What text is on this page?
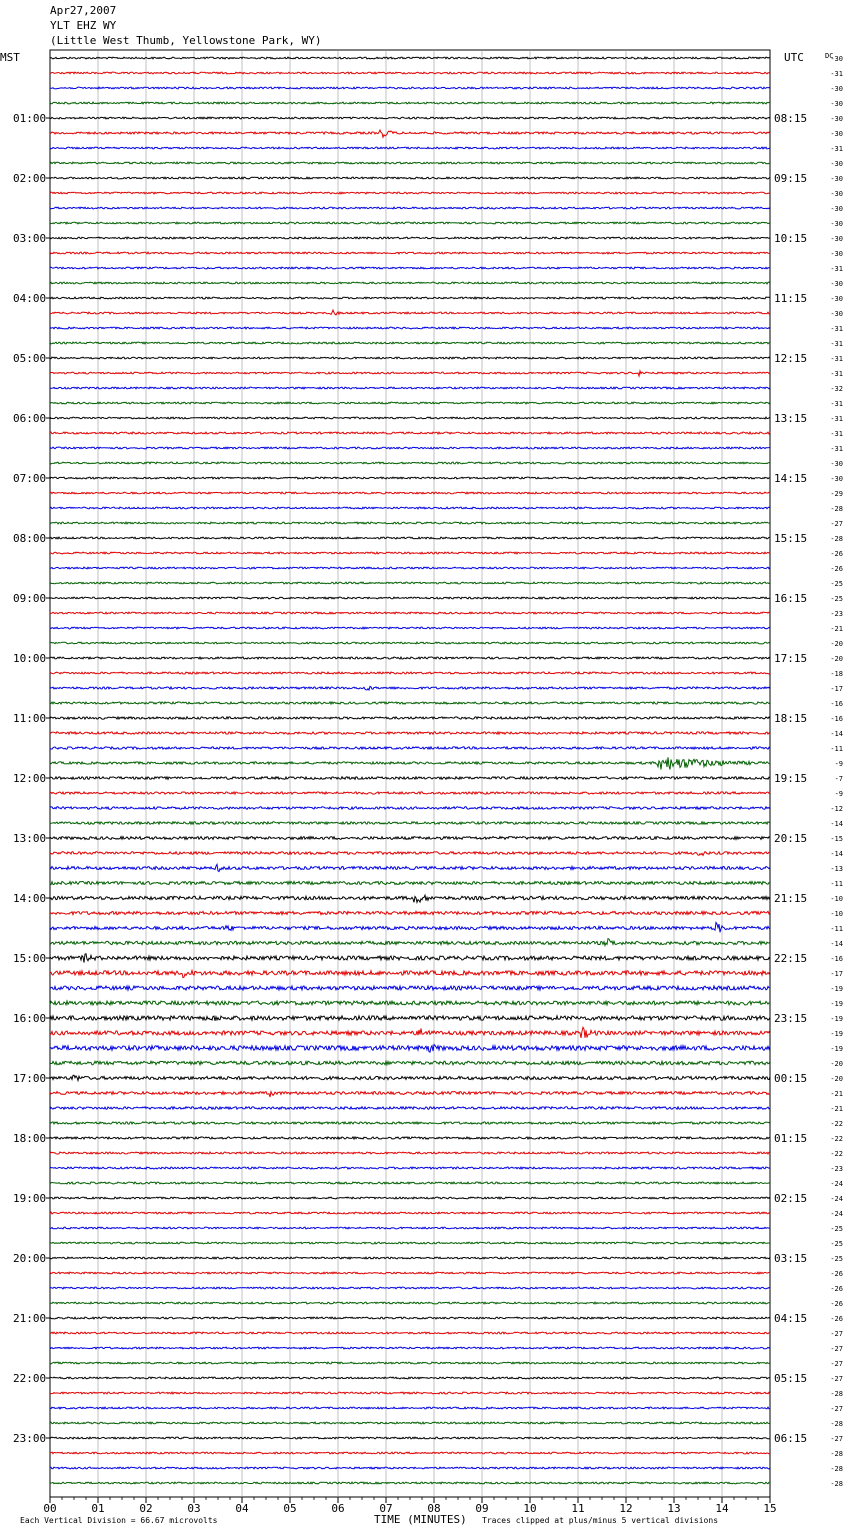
Apr27,2007
YLT EHZ WY
(Little West Thumb, Yellowstone Park, WY)
00	01	02	03	04	05	06	07	08	09	10	11	12	13	14	15
-30
-31
-30
-30
-30
-30
-31
-30
-30
-30
-30
-30
-30
-30
-31
-30
-30
-30
-31
-31
-31
-31
-32
-31
-31
-31
-31
-30
-30
-29
-28
-27
-28
-26
-26
-25
-25
-23
-21
-20
-20
-18
-17
-16
-16
-14
-11
-9
-7
-9
-12
-14
-15
-14
-13
-11
-10
-10
-11
-14
-16
-17
-19
-19
-19
-19
-19
-20
-20
-21
-21
-22
-22
-22
-23
-24
-24
-24
-25
-25
-25
-26
-26
-26
-26
-27
-27
-27
-27
-28
-27
-28
-27
-28
-28
-28
01:00
02:00
03:00
04:00
05:00
06:00
07:00
08:00
09:00
10:00
11:00
12:00
13:00
14:00
15:00
16:00
17:00
18:00
19:00
20:00
21:00
22:00
23:00
08:15
09:15
10:15
11:15
12:15
13:15
14:15
15:15
16:15
17:15
18:15
19:15
20:15
21:15
22:15
23:15
00:15
01:15
02:15
03:15
04:15
05:15
06:15
MST	UTC	DC
Each Vertical Division = 66.67 microvolts	TIME (MINUTES) Traces clipped at plus/minus 5 vertical divisions
